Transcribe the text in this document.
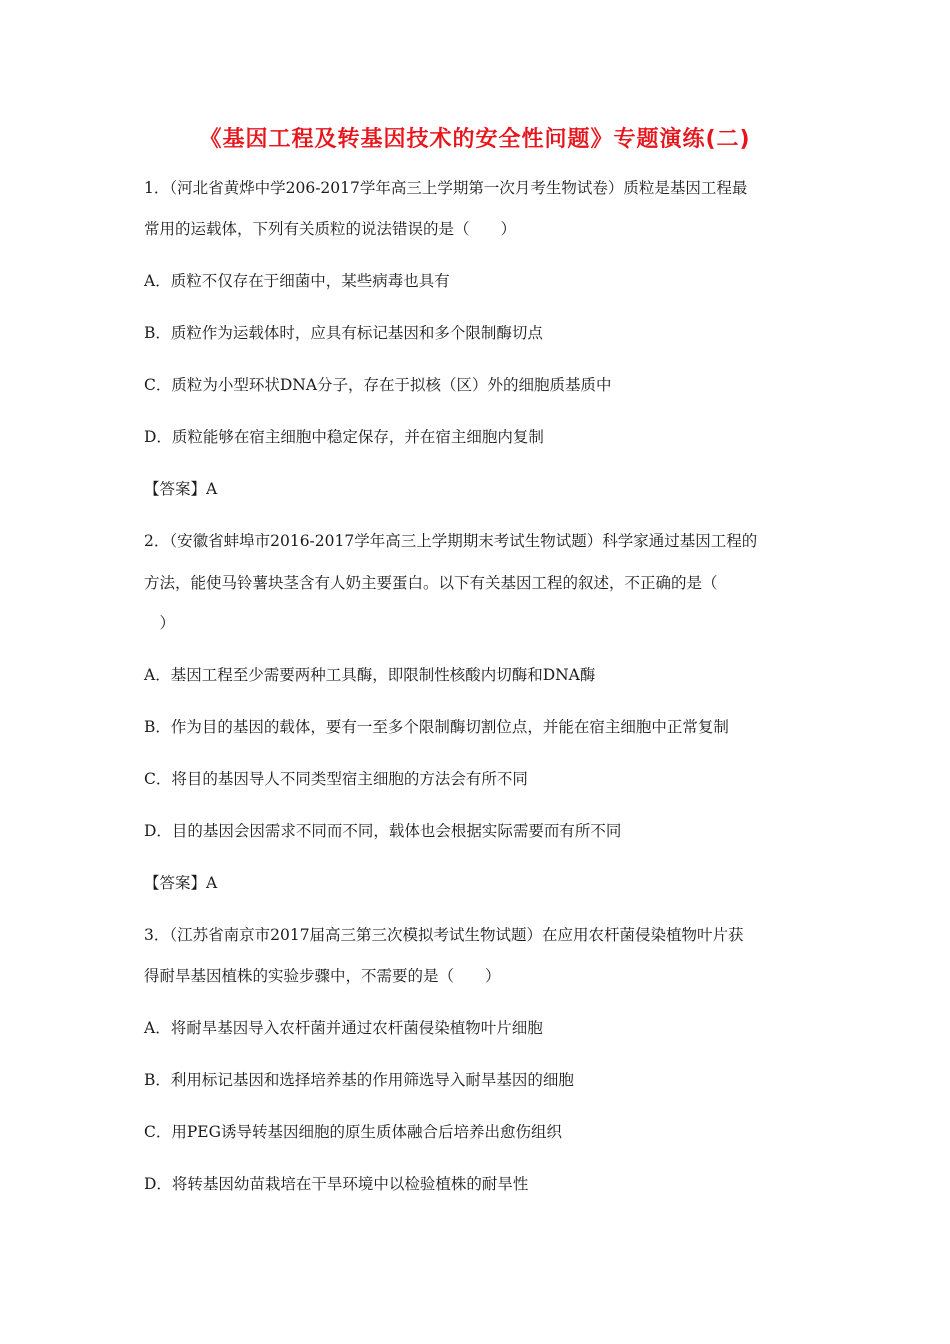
《基因工程及转基因技术的安全性问题》专题演练(二)
1．（河北省黄烨中学206-2017学年高三上学期第一次月考生物试卷）质粒是基因工程最
常用的运载体，下列有关质粒的说法错误的是（　　）
A．质粒不仅存在于细菌中，某些病毒也具有
B．质粒作为运载体时，应具有标记基因和多个限制酶切点
C．质粒为小型环状DNA分子，存在于拟核（区）外的细胞质基质中
D．质粒能够在宿主细胞中稳定保存，并在宿主细胞内复制
【答案】A
2．（安徽省蚌埠市2016-2017学年高三上学期期末考试生物试题）科学家通过基因工程的
方法，能使马铃薯块茎含有人奶主要蛋白。以下有关基因工程的叙述，不正确的是（
　）
A．基因工程至少需要两种工具酶，即限制性核酸内切酶和DNA酶
B．作为目的基因的载体，要有一至多个限制酶切割位点，并能在宿主细胞中正常复制
C．将目的基因导人不同类型宿主细胞的方法会有所不同
D．目的基因会因需求不同而不同，载体也会根据实际需要而有所不同
【答案】A
3．（江苏省南京市2017届高三第三次模拟考试生物试题）在应用农杆菌侵染植物叶片获
得耐旱基因植株的实验步骤中，不需要的是（　　）
A．将耐旱基因导入农杆菌并通过农杆菌侵染植物叶片细胞
B．利用标记基因和选择培养基的作用筛选导入耐旱基因的细胞
C．用PEG诱导转基因细胞的原生质体融合后培养出愈伤组织
D．将转基因幼苗栽培在干旱环境中以检验植株的耐旱性
